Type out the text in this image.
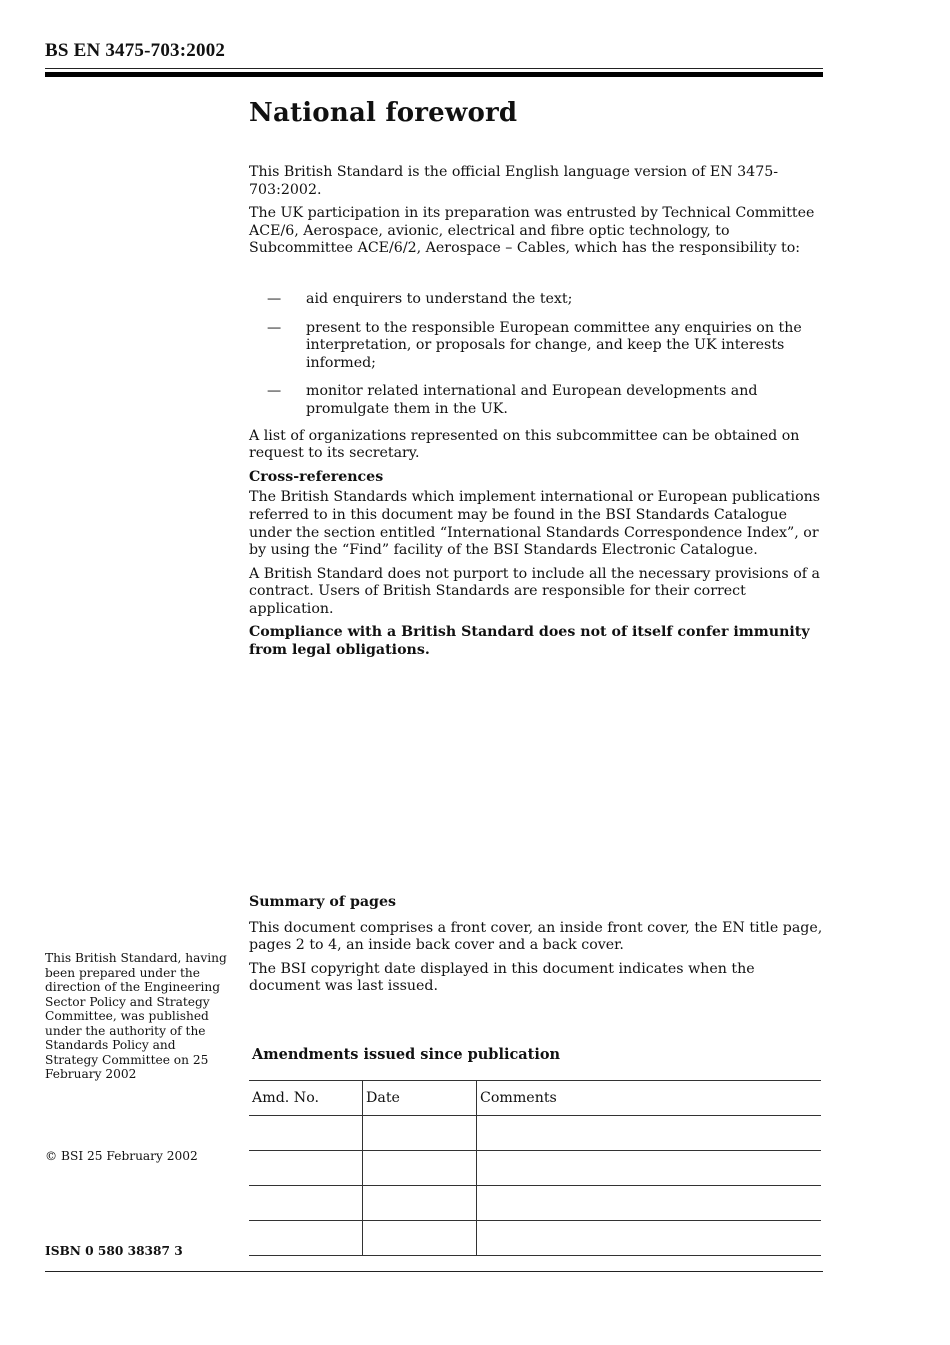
BS EN 3475-703:2002
National foreword

This British Standard is the official English language version of EN 3475-703:2002.

The UK participation in its preparation was entrusted by Technical Committee ACE/6, Aerospace, avionic, electrical and fibre optic technology, to Subcommittee ACE/6/2, Aerospace – Cables, which has the responsibility to:

— aid enquirers to understand the text;
— present to the responsible European committee any enquiries on the interpretation, or proposals for change, and keep the UK interests informed;
— monitor related international and European developments and promulgate them in the UK.

A list of organizations represented on this subcommittee can be obtained on request to its secretary.

Cross-references

The British Standards which implement international or European publications referred to in this document may be found in the BSI Standards Catalogue under the section entitled “International Standards Correspondence Index”, or by using the “Find” facility of the BSI Standards Electronic Catalogue.

A British Standard does not purport to include all the necessary provisions of a contract. Users of British Standards are responsible for their correct application.

Compliance with a British Standard does not of itself confer immunity from legal obligations.

Summary of pages

This document comprises a front cover, an inside front cover, the EN title page, pages 2 to 4, an inside back cover and a back cover.

The BSI copyright date displayed in this document indicates when the document was last issued.

This British Standard, having been prepared under the direction of the Engineering Sector Policy and Strategy Committee, was published under the authority of the Standards Policy and Strategy Committee on 25 February 2002
© BSI 25 February 2002
ISBN 0 580 38387 3
Amendments issued since publication
Amd. No.	Date	Comments
